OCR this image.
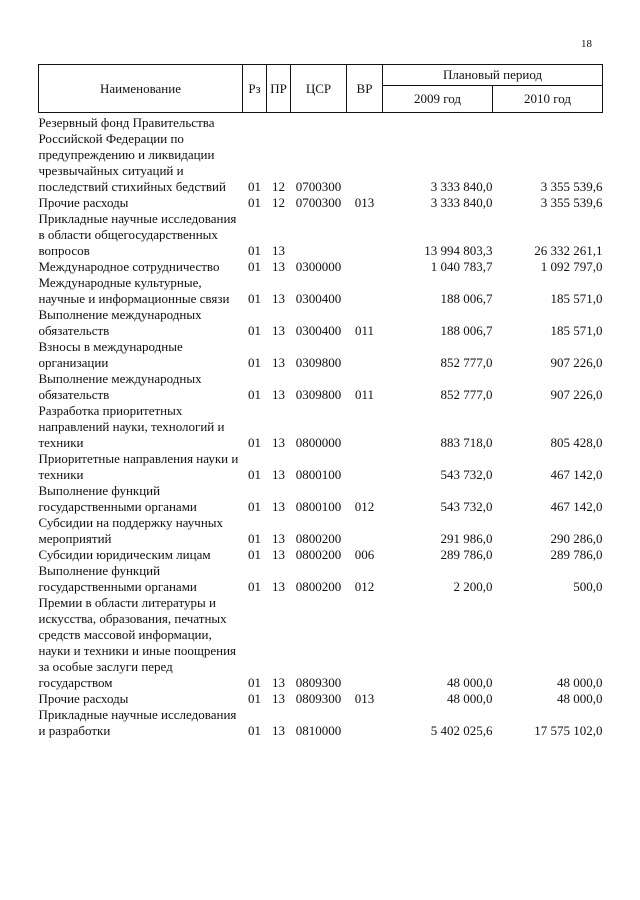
18
Наименование	Рз	ПР	ЦСР	ВР	Плановый период	
					2009 год	2010 год
Резервный фонд Правительства Российской Федерации по предупреждению и ликвидации чрезвычайных ситуаций и последствий стихийных бедствий	01	12	0700300		3 333 840,0	3 355 539,6
Прочие расходы	01	12	0700300	013	3 333 840,0	3 355 539,6
Прикладные научные исследования в области общегосударственных вопросов	01	13			13 994 803,3	26 332 261,1
Международное сотрудничество	01	13	0300000		1 040 783,7	1 092 797,0
Международные культурные, научные и информационные связи	01	13	0300400		188 006,7	185 571,0
Выполнение международных обязательств	01	13	0300400	011	188 006,7	185 571,0
Взносы в международные организации	01	13	0309800		852 777,0	907 226,0
Выполнение международных обязательств	01	13	0309800	011	852 777,0	907 226,0
Разработка приоритетных направлений науки, технологий и техники	01	13	0800000		883 718,0	805 428,0
Приоритетные направления науки и техники	01	13	0800100		543 732,0	467 142,0
Выполнение функций государственными органами	01	13	0800100	012	543 732,0	467 142,0
Субсидии на поддержку научных мероприятий	01	13	0800200		291 986,0	290 286,0
Субсидии юридическим лицам	01	13	0800200	006	289 786,0	289 786,0
Выполнение функций государственными органами	01	13	0800200	012	2 200,0	500,0
Премии в области литературы и искусства, образования, печатных средств массовой информации, науки и техники и иные поощрения за особые заслуги перед государством	01	13	0809300		48 000,0	48 000,0
Прочие расходы	01	13	0809300	013	48 000,0	48 000,0
Прикладные научные исследования и разработки	01	13	0810000		5 402 025,6	17 575 102,0
